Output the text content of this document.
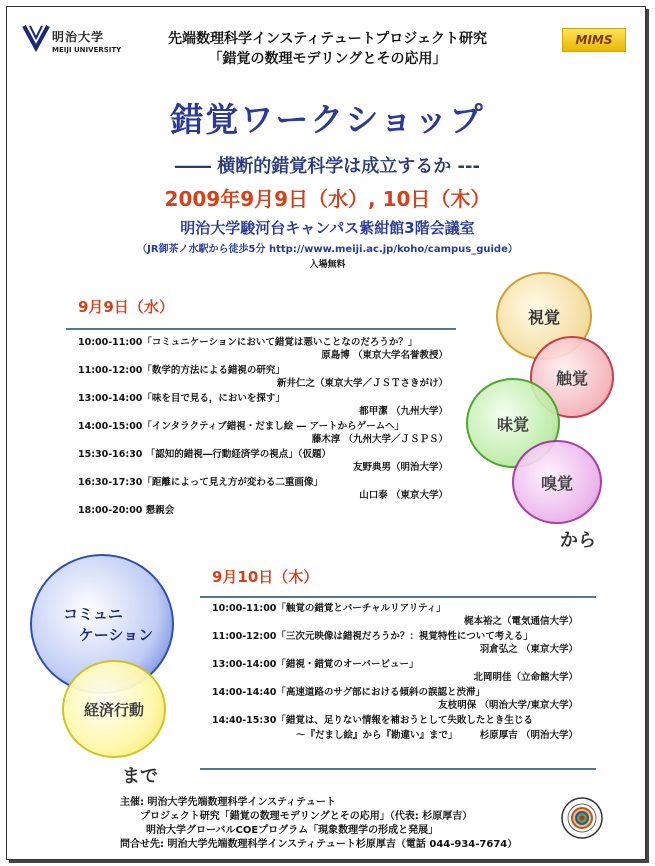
明治大学
MEIJI UNIVERSITY
MIMS
先端数理科学インスティテュートプロジェクト研究
「錯覚の数理モデリングとその応用」
錯覚ワークショップ
―― 横断的錯覚科学は成立するか ---
2009年9月9日（水）, 10日（木）
明治大学駿河台キャンパス紫紺館3階会議室
（JR御茶ノ水駅から徒歩5分 http://www.meiji.ac.jp/koho/campus_guide）
入場無料
9月9日（水）
10:00-11:00「コミュニケーションにおいて錯覚は悪いことなのだろうか？」
原島博 （東京大学名誉教授）
11:00-12:00「数学的方法による錯視の研究」
新井仁之（東京大学／ＪＳＴさきがけ）
13:00-14:00「味を目で見る，においを探す」
都甲潔 （九州大学）
14:00-15:00「インタラクティブ錯視・だまし絵 ― アートからゲームへ」
藤木淳 （九州大学／ＪＳＰＳ）
15:30-16:30 「認知的錯視―行動経済学の視点」（仮題）
友野典男（明治大学）
16:30-17:30「距離によって見え方が変わる二重画像」
山口泰 （東京大学）
18:00-20:00 懇親会
視覚
触覚
味覚
嗅覚
から
9月10日（木）
10:00-11:00「触覚の錯覚とバーチャルリアリティ」
梶本裕之（電気通信大学）
11:00-12:00「三次元映像は錯視だろうか？：視覚特性について考える」
羽倉弘之 （東京大学）
13:00-14:00「錯視・錯覚のオーバービュー」
北岡明佳（立命館大学）
14:00-14:40「高速道路のサグ部における傾斜の誤認と渋滞」
友枝明保 （明治大学/東京大学）
14:40-15:30「錯覚は、足りない情報を補おうとして失敗したとき生じる
～『だまし絵』から『勘違い』まで」 杉原厚吉 （明治大学）
コミュニ
ケーション
経済行動
まで
主催: 明治大学先端数理科学インスティテュート
プロジェクト研究「錯覚の数理モデリングとその応用」（代表: 杉原厚吉）
明治大学グローバルCOEプログラム「現象数理学の形成と発展」
問合せ先: 明治大学先端数理科学インスティテュート杉原厚吉（電話 044-934-7674）
